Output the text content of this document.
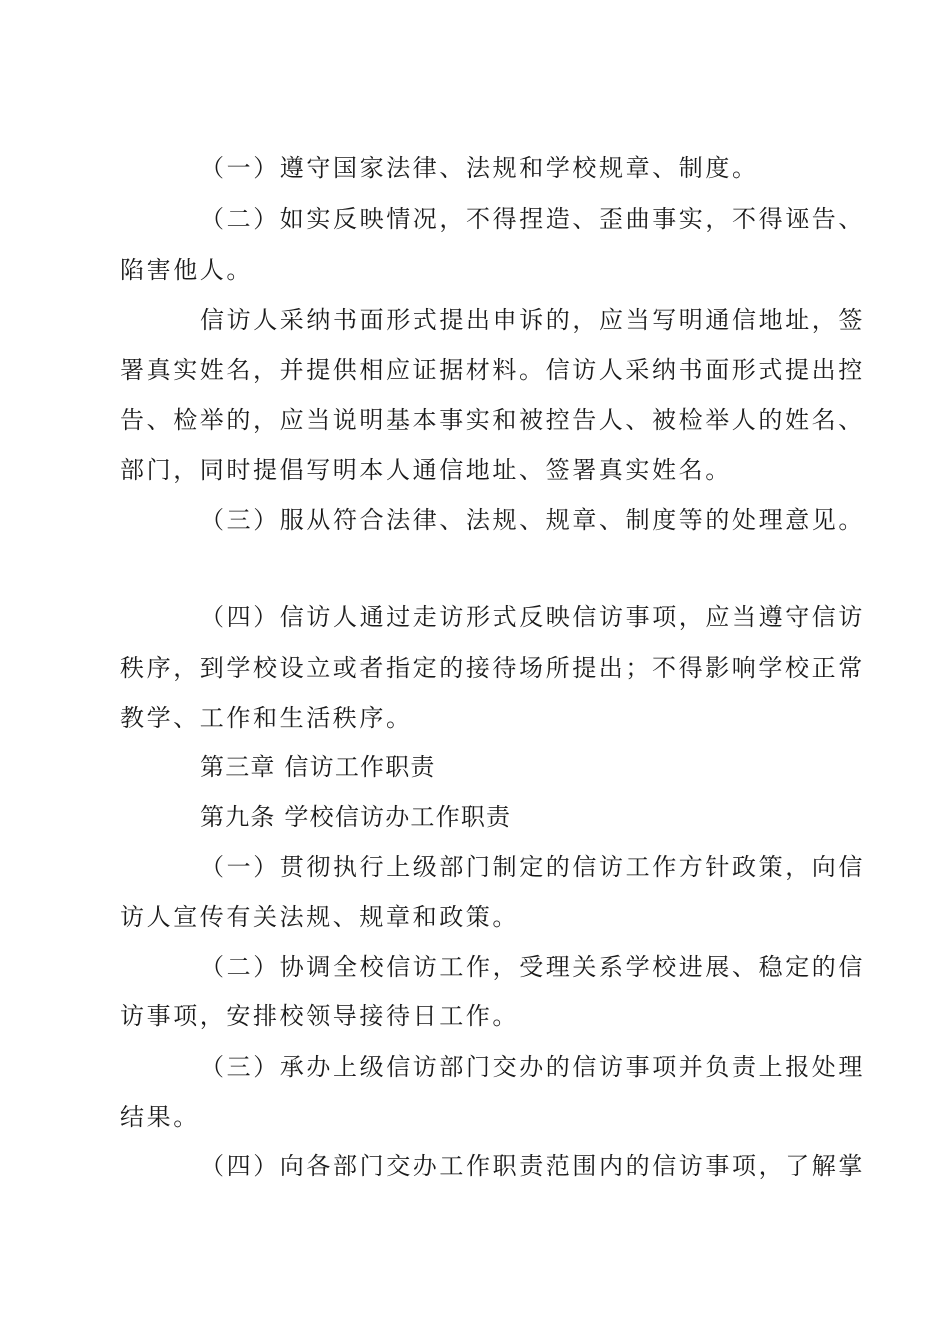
（一）遵守国家法律、法规和学校规章、制度。
（二）如实反映情况，不得捏造、歪曲事实，不得诬告、
陷害他人。
信访人采纳书面形式提出申诉的，应当写明通信地址，签
署真实姓名，并提供相应证据材料。信访人采纳书面形式提出控
告、检举的，应当说明基本事实和被控告人、被检举人的姓名、
部门，同时提倡写明本人通信地址、签署真实姓名。
（三）服从符合法律、法规、规章、制度等的处理意见。
（四）信访人通过走访形式反映信访事项，应当遵守信访
秩序，到学校设立或者指定的接待场所提出；不得影响学校正常
教学、工作和生活秩序。
第三章 信访工作职责
第九条 学校信访办工作职责
（一）贯彻执行上级部门制定的信访工作方针政策，向信
访人宣传有关法规、规章和政策。
（二）协调全校信访工作，受理关系学校进展、稳定的信
访事项，安排校领导接待日工作。
（三）承办上级信访部门交办的信访事项并负责上报处理
结果。
（四）向各部门交办工作职责范围内的信访事项，了解掌
